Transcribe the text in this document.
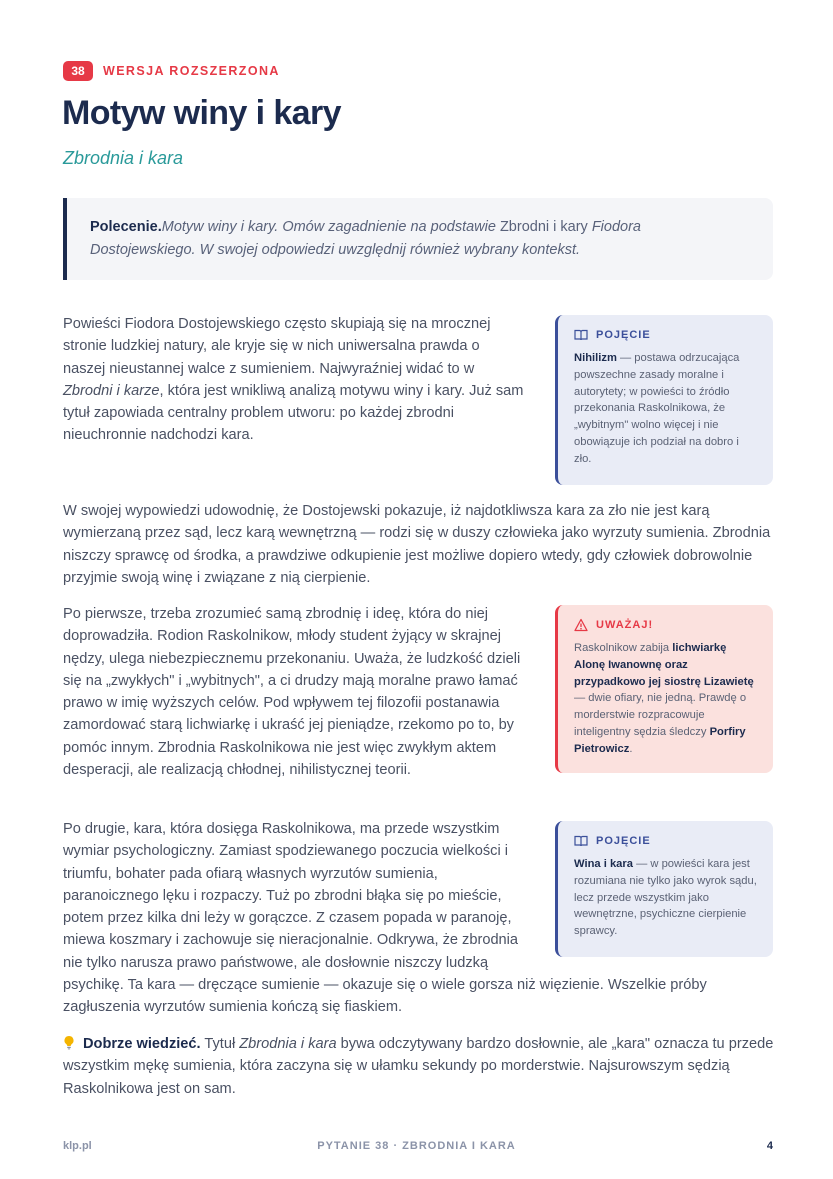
38	WERSJA ROZSZERZONA
Motyw winy i kary
Zbrodnia i kara
Polecenie.Motyw winy i kary. Omów zagadnienie na podstawie Zbrodni i kary Fiodora Dostojewskiego. W swojej odpowiedzi uwzględnij również wybrany kontekst.

Powieści Fiodora Dostojewskiego często skupiają się na mrocznej stronie ludzkiej natury, ale kryje się w nich uniwersalna prawda o naszej nieustannej walce z sumieniem. Najwyraźniej widać to w Zbrodni i karze, która jest wnikliwą analizą motywu winy i kary. Już sam tytuł zapowiada centralny problem utworu: po każdej zbrodni nieuchronnie nadchodzi kara.

POJĘCIE
Nihilizm — postawa odrzucająca powszechne zasady moralne i autorytety; w powieści to źródło przekonania Raskolnikowa, że „wybitnym" wolno więcej i nie obowiązuje ich podział na dobro i zło.

W swojej wypowiedzi udowodnię, że Dostojewski pokazuje, iż najdotkliwsza kara za zło nie jest karą wymierzaną przez sąd, lecz karą wewnętrzną — rodzi się w duszy człowieka jako wyrzuty sumienia. Zbrodnia niszczy sprawcę od środka, a prawdziwe odkupienie jest możliwe dopiero wtedy, gdy człowiek dobrowolnie przyjmie swoją winę i związane z nią cierpienie.

Po pierwsze, trzeba zrozumieć samą zbrodnię i ideę, która do niej doprowadziła. Rodion Raskolnikow, młody student żyjący w skrajnej nędzy, ulega niebezpiecznemu przekonaniu. Uważa, że ludzkość dzieli się na „zwykłych" i „wybitnych", a ci drudzy mają moralne prawo łamać prawo w imię wyższych celów. Pod wpływem tej filozofii postanawia zamordować starą lichwiarkę i ukraść jej pieniądze, rzekomo po to, by pomóc innym. Zbrodnia Raskolnikowa nie jest więc zwykłym aktem desperacji, ale realizacją chłodnej, nihilistycznej teorii.

UWAŻAJ!
Raskolnikow zabija lichwiarkę Alonę Iwanownę oraz przypadkowo jej siostrę Lizawietę — dwie ofiary, nie jedną. Prawdę o morderstwie rozpracowuje inteligentny sędzia śledczy Porfiry Pietrowicz.

Po drugie, kara, która dosięga Raskolnikowa, ma przede wszystkim wymiar psychologiczny. Zamiast spodziewanego poczucia wielkości i triumfu, bohater pada ofiarą własnych wyrzutów sumienia, paranoicznego lęku i rozpaczy. Tuż po zbrodni błąka się po mieście, potem przez kilka dni leży w gorączce. Z czasem popada w paranoję, miewa koszmary i zachowuje się nieracjonalnie. Odkrywa, że zbrodnia nie tylko narusza prawo państwowe, ale dosłownie niszczy ludzką psychikę. Ta kara — dręczące sumienie — okazuje się o wiele gorsza niż więzienie. Wszelkie próby zagłuszenia wyrzutów sumienia kończą się fiaskiem.

POJĘCIE
Wina i kara — w powieści kara jest rozumiana nie tylko jako wyrok sądu, lecz przede wszystkim jako wewnętrzne, psychiczne cierpienie sprawcy.

Dobrze wiedzieć. Tytuł Zbrodnia i kara bywa odczytywany bardzo dosłownie, ale „kara" oznacza tu przede wszystkim mękę sumienia, która zaczyna się w ułamku sekundy po morderstwie. Najsurowszym sędzią Raskolnikowa jest on sam.

klp.pl	PYTANIE 38 · ZBRODNIA I KARA	4
